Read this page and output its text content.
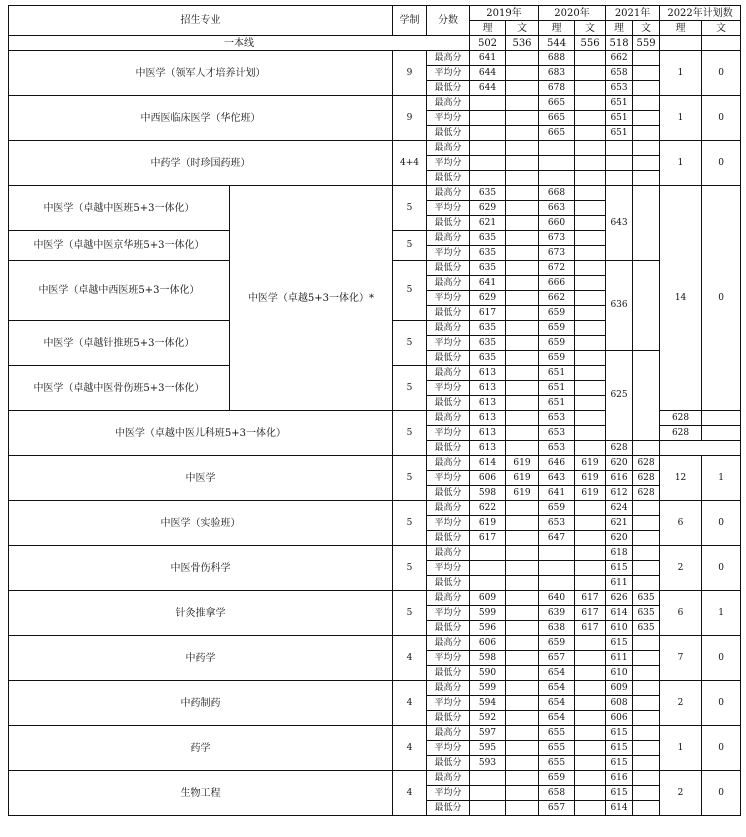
招生专业		学制	分数	2019年		2020年		2021年		2022年计划数		
				理	文	理	文	理	文	理	文	
一本线				502	536	544	556	518	559			
中医学（领军人才培养计划）		9	最高分	641		688		662		1	0	
			平均分	644		683		658				
			最低分	644		678		653				
中西医临床医学（华佗班）		9	最高分			665		651		1	0	
			平均分			665		651				
			最低分			665		651				
中药学（时珍国药班）		4+4	最高分							1	0	
			平均分									
			最低分									
中医学（卓越中医班5+3一体化）	中医学（卓越5+3一体化）*	5	最高分	635		668		643		14	0	
			平均分	629		663						
			最低分	621		660						
中医学（卓越中医京华班5+3一体化）		5	最高分	635		673						
			平均分	635		673						
中医学（卓越中西医班5+3一体化）		5	最低分	635		672		636				
			最高分	641		666						
			平均分	629		662						
			最低分	617		659						
中医学（卓越针推班5+3一体化）		5	最高分	635		659						
			平均分	635		659						
			最低分	635		659		625				
中医学（卓越中医骨伤班5+3一体化）		5	最高分	613		651						
			平均分	613		651						
			最低分	613		651						
中医学（卓越中医儿科班5+3一体化）		5	最高分	613		653				628			
			平均分	613		653				628		
			最低分	613		653		628				
中医学		5	最高分	614	619	646	619	620	628	12	1	
			平均分	606	619	643	619	616	628			
			最低分	598	619	641	619	612	628			
中医学（实验班）		5	最高分	622		659		624		6	0	
			平均分	619		653		621				
			最低分	617		647		620				
中医骨伤科学		5	最高分					618		2	0	
			平均分					615				
			最低分					611				
针灸推拿学		5	最高分	609		640	617	626	635	6	1	
			平均分	599		639	617	614	635			
			最低分	596		638	617	610	635			
中药学		4	最高分	606		659		615		7	0	
			平均分	598		657		611				
			最低分	590		654		610				
中药制药		4	最高分	599		654		609		2	0	
			平均分	594		654		608				
			最低分	592		654		606				
药学		4	最高分	597		655		615		1	0	
			平均分	595		655		615				
			最低分	593		655		615				
生物工程		4	最高分			659		616		2	0	
			平均分			658		615				
			最低分			657		614				
